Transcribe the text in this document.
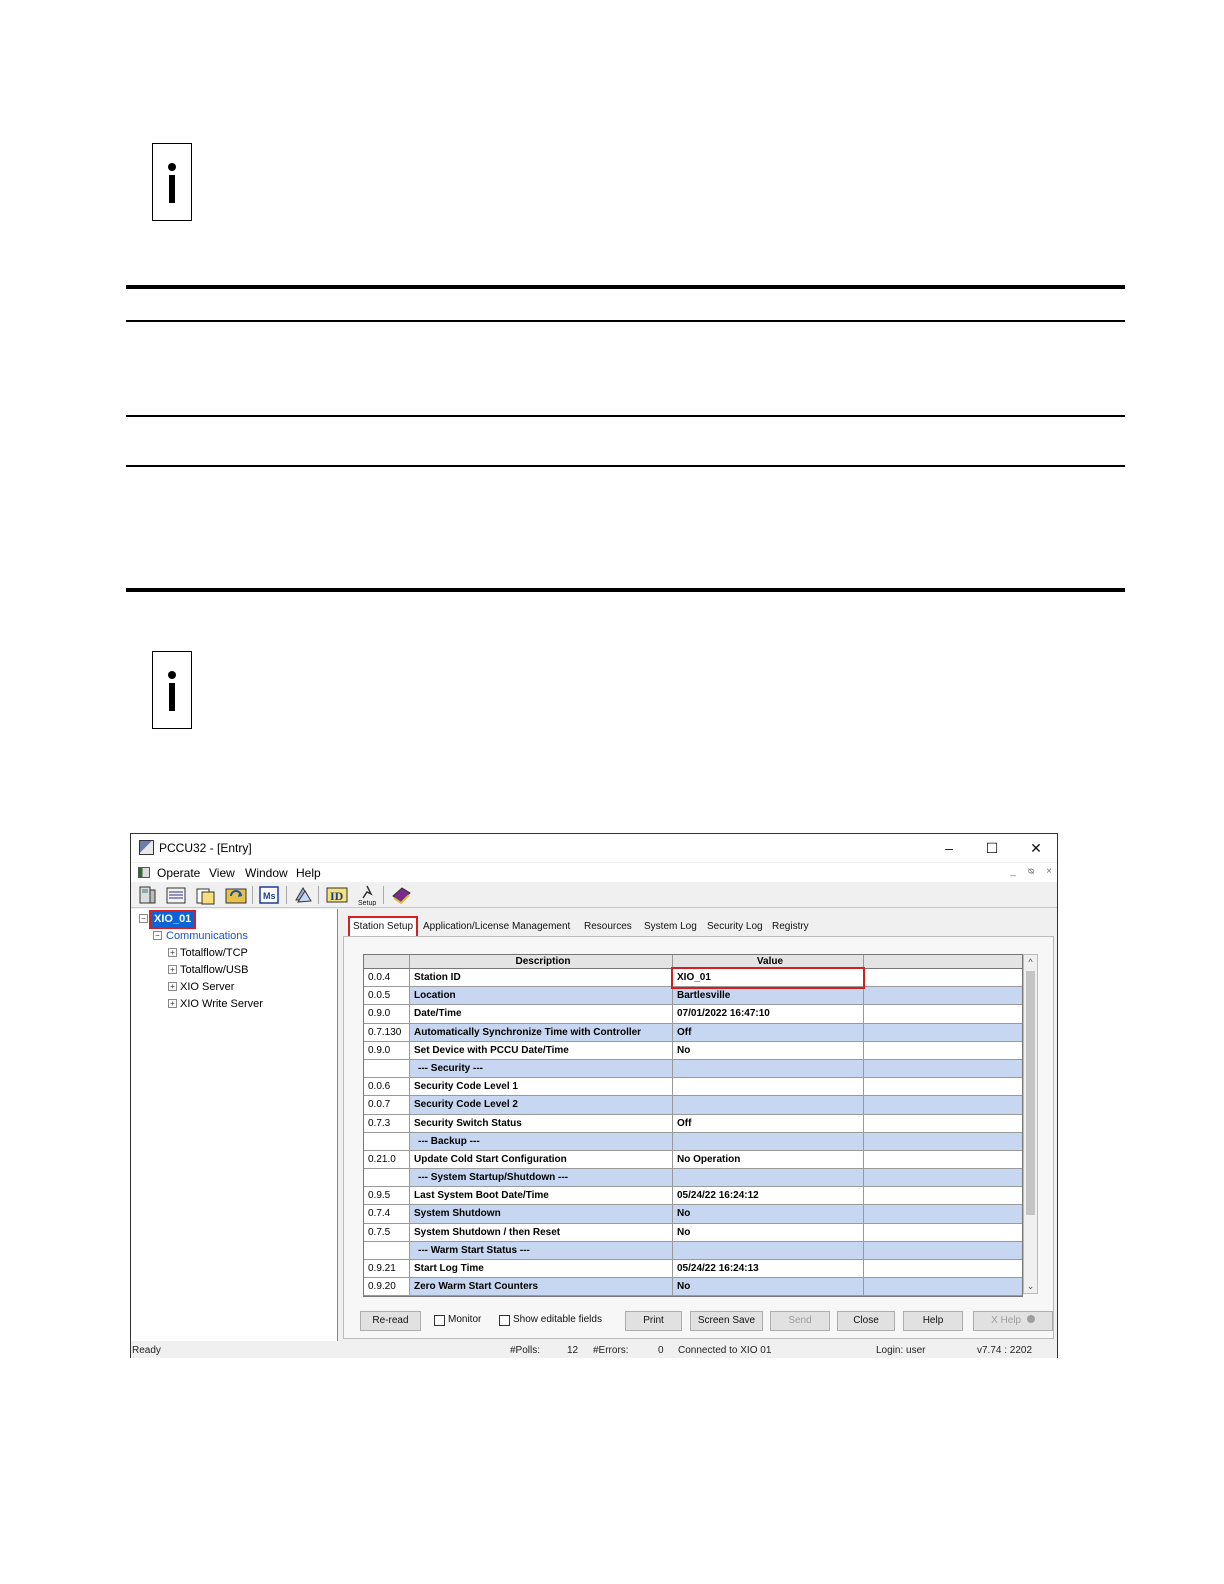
PCCU32 - [Entry]	–	☐	✕
Operate View Window Help	_	ᴓ	×
Ms	ID
Setup
− XIO_01
− Communications
+ Totalflow/TCP
+ Totalflow/USB
+ XIO Server
+ XIO Write Server
Station Setup Application/License Management	Resources	System Log	Security Log Registry
Description	Value
0.0.4	Station ID	XIO_01
0.0.5	Location	Bartlesville
0.9.0	Date/Time	07/01/2022 16:47:10
0.7.130	Automatically Synchronize Time with Controller	Off
0.9.0	Set Device with PCCU Date/Time	No
--- Security ---
0.0.6	Security Code Level 1
0.0.7	Security Code Level 2
0.7.3	Security Switch Status	Off
--- Backup ---
0.21.0	Update Cold Start Configuration	No Operation
--- System Startup/Shutdown ---
0.9.5	Last System Boot Date/Time	05/24/22 16:24:12
0.7.4	System Shutdown	No
0.7.5	System Shutdown / then Reset	No
--- Warm Start Status ---
0.9.21	Start Log Time	05/24/22 16:24:13
0.9.20	Zero Warm Start Counters	No
^
⌄
Re-read	Monitor	Show editable fields	Print	Screen Save	Send	Close	Help	X Help
Ready	#Polls:	12 #Errors:	0 Connected to XIO 01	Login: user	v7.74 : 2202
